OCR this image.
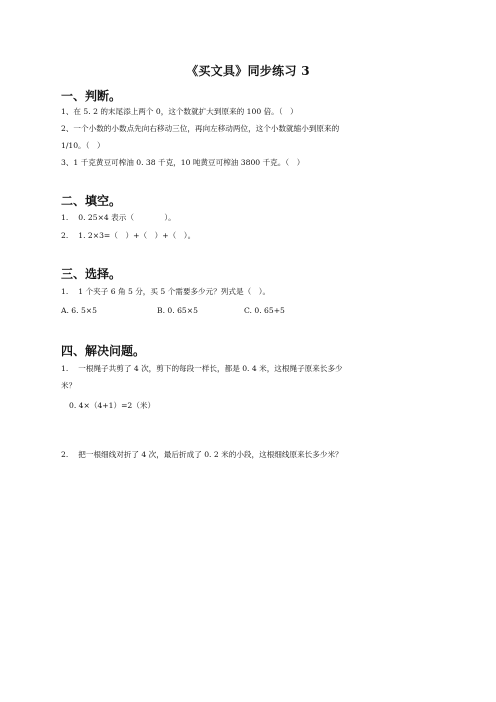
《买文具》同步练习 3
一、判断。
1、在 5. 2 的末尾添上两个 0，这个数就扩大到原来的 100 倍。（　）
2、一个小数的小数点先向右移动三位，再向左移动两位，这个小数就缩小到原来的
1/10。（　）
3、1 千克黄豆可榨油 0. 38 千克，10 吨黄豆可榨油 3800 千克。（　）
二、填空。
1.　 0. 25×4 表示（　　　　）。
2.　 1. 2×3=（　）+（　）+（　）。
三、选择。
1.　 1 个夹子 6 角 5 分，买 5 个需要多少元？列式是（　）。
A. 6. 5×5	B. 0. 65×5	C. 0. 65+5
四、解决问题。
1.　 一根绳子共剪了 4 次，剪下的每段一样长，都是 0. 4 米，这根绳子原来长多少
米？
0. 4×（4+1）=2（米）
2.　 把一根细线对折了 4 次，最后折成了 0. 2 米的小段，这根细线原来长多少米？
